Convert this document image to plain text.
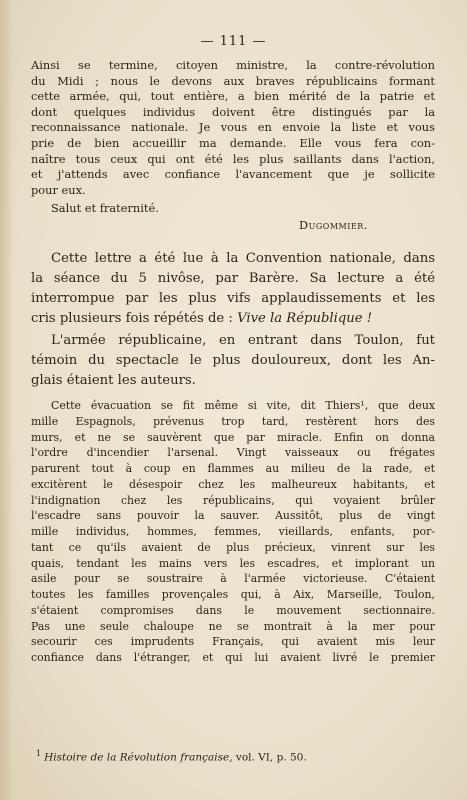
— 111 —
Ainsi se termine, citoyen ministre, la contre-révolution
du Midi ; nous le devons aux braves républicains formant
cette armée, qui, tout entière, a bien mérité de la patrie et
dont quelques individus doivent être distingués par la
reconnaissance nationale. Je vous en envoie la liste et vous
prie de bien accueillir ma demande. Elle vous fera con-
naître tous ceux qui ont été les plus saillants dans l'action,
et j'attends avec confiance l'avancement que je sollicite
pour eux.
Salut et fraternité.
Dugommier.
Cette lettre a été lue à la Convention nationale, dans
la séance du 5 nivôse, par Barère. Sa lecture a été
interrompue par les plus vifs applaudissements et les
cris plusieurs fois répétés de : Vive la République !
L'armée républicaine, en entrant dans Toulon, fut
témoin du spectacle le plus douloureux, dont les An-
glais étaient les auteurs.
Cette évacuation se fit même si vite, dit Thiers¹, que deux
mille Espagnols, prévenus trop tard, restèrent hors des
murs, et ne se sauvèrent que par miracle. Enfin on donna
l'ordre d'incendier l'arsenal. Vingt vaisseaux ou frégates
parurent tout à coup en flammes au milieu de la rade, et
excitèrent le désespoir chez les malheureux habitants, et
l'indignation chez les républicains, qui voyaient brûler
l'escadre sans pouvoir la sauver. Aussitôt, plus de vingt
mille individus, hommes, femmes, vieillards, enfants, por-
tant ce qu'ils avaient de plus précieux, vinrent sur les
quais, tendant les mains vers les escadres, et implorant un
asile pour se soustraire à l'armée victorieuse. C'étaient
toutes les familles provençales qui, à Aix, Marseille, Toulon,
s'étaient compromises dans le mouvement sectionnaire.
Pas une seule chaloupe ne se montrait à la mer pour
secourir ces imprudents Français, qui avaient mis leur
confiance dans l'étranger, et qui lui avaient livré le premier
$^1$ Histoire de la Révolution française, vol. VI, p. 50.
